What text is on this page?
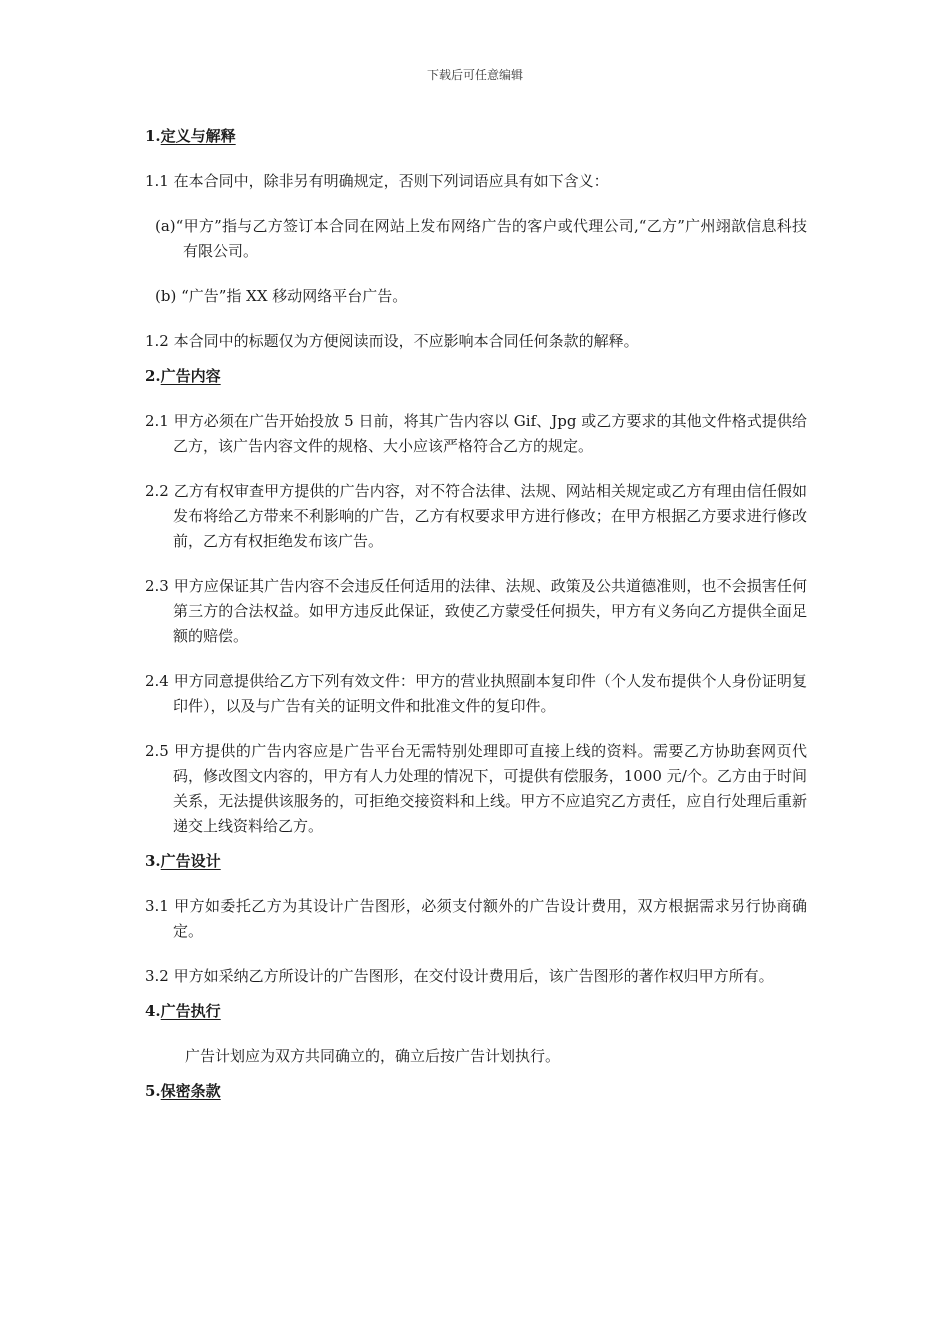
下载后可任意编辑

1.定义与解释

1.1 在本合同中，除非另有明确规定，否则下列词语应具有如下含义：

(a)“甲方”指与乙方签订本合同在网站上发布网络广告的客户或代理公司,“乙方”广州翊歆信息科技有限公司。

(b) “广告”指 XX 移动网络平台广告。

1.2 本合同中的标题仅为方便阅读而设，不应影响本合同任何条款的解释。

2.广告内容

2.1 甲方必须在广告开始投放 5 日前，将其广告内容以 Gif、Jpg 或乙方要求的其他文件格式提供给乙方，该广告内容文件的规格、大小应该严格符合乙方的规定。

2.2 乙方有权审查甲方提供的广告内容，对不符合法律、法规、网站相关规定或乙方有理由信任假如发布将给乙方带来不利影响的广告，乙方有权要求甲方进行修改；在甲方根据乙方要求进行修改前，乙方有权拒绝发布该广告。

2.3 甲方应保证其广告内容不会违反任何适用的法律、法规、政策及公共道德准则，也不会损害任何第三方的合法权益。如甲方违反此保证，致使乙方蒙受任何损失，甲方有义务向乙方提供全面足额的赔偿。

2.4 甲方同意提供给乙方下列有效文件：甲方的营业执照副本复印件（个人发布提供个人身份证明复印件），以及与广告有关的证明文件和批准文件的复印件。

2.5 甲方提供的广告内容应是广告平台无需特别处理即可直接上线的资料。需要乙方协助套网页代码，修改图文内容的，甲方有人力处理的情况下，可提供有偿服务，1000 元/个。乙方由于时间关系，无法提供该服务的，可拒绝交接资料和上线。甲方不应追究乙方责任，应自行处理后重新递交上线资料给乙方。

3.广告设计

3.1 甲方如委托乙方为其设计广告图形，必须支付额外的广告设计费用，双方根据需求另行协商确定。

3.2 甲方如采纳乙方所设计的广告图形，在交付设计费用后，该广告图形的著作权归甲方所有。

4.广告执行

广告计划应为双方共同确立的，确立后按广告计划执行。

5.保密条款
